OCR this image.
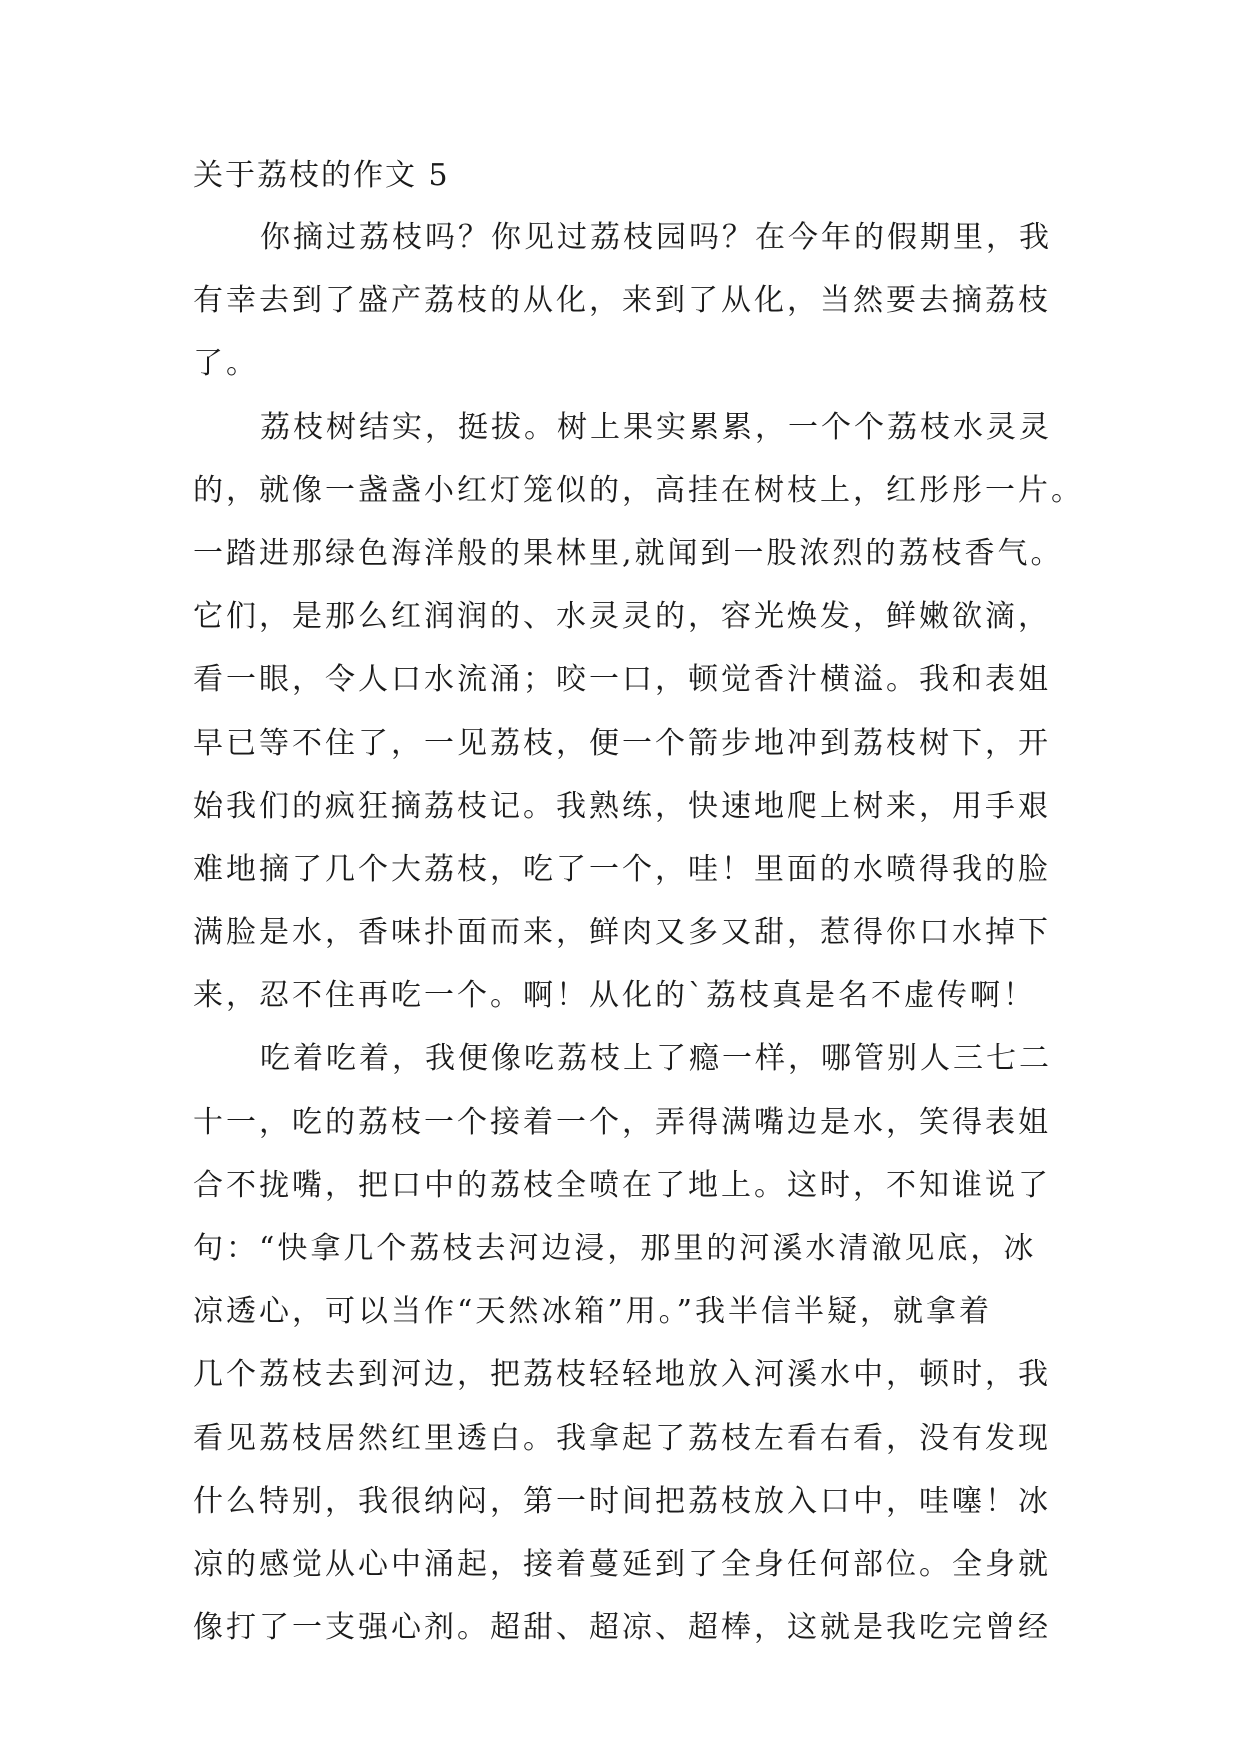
关于荔枝的作文 5
你摘过荔枝吗？你见过荔枝园吗？在今年的假期里，我
有幸去到了盛产荔枝的从化，来到了从化，当然要去摘荔枝
了。
荔枝树结实，挺拔。树上果实累累，一个个荔枝水灵灵
的，就像一盏盏小红灯笼似的，高挂在树枝上，红彤彤一片。
一踏进那绿色海洋般的果林里,就闻到一股浓烈的荔枝香气。
它们，是那么红润润的、水灵灵的，容光焕发，鲜嫩欲滴，
看一眼，令人口水流涌；咬一口，顿觉香汁横溢。我和表姐
早已等不住了，一见荔枝，便一个箭步地冲到荔枝树下，开
始我们的疯狂摘荔枝记。我熟练，快速地爬上树来，用手艰
难地摘了几个大荔枝，吃了一个，哇！里面的水喷得我的脸
满脸是水，香味扑面而来，鲜肉又多又甜，惹得你口水掉下
来，忍不住再吃一个。啊！从化的`荔枝真是名不虚传啊！
吃着吃着，我便像吃荔枝上了瘾一样，哪管别人三七二
十一，吃的荔枝一个接着一个，弄得满嘴边是水，笑得表姐
合不拢嘴，把口中的荔枝全喷在了地上。这时，不知谁说了
句：“快拿几个荔枝去河边浸，那里的河溪水清澈见底，冰
凉透心，可以当作“天然冰箱”用。”我半信半疑，就拿着
几个荔枝去到河边，把荔枝轻轻地放入河溪水中，顿时，我
看见荔枝居然红里透白。我拿起了荔枝左看右看，没有发现
什么特别，我很纳闷，第一时间把荔枝放入口中，哇噻！冰
凉的感觉从心中涌起，接着蔓延到了全身任何部位。全身就
像打了一支强心剂。超甜、超凉、超棒，这就是我吃完曾经
